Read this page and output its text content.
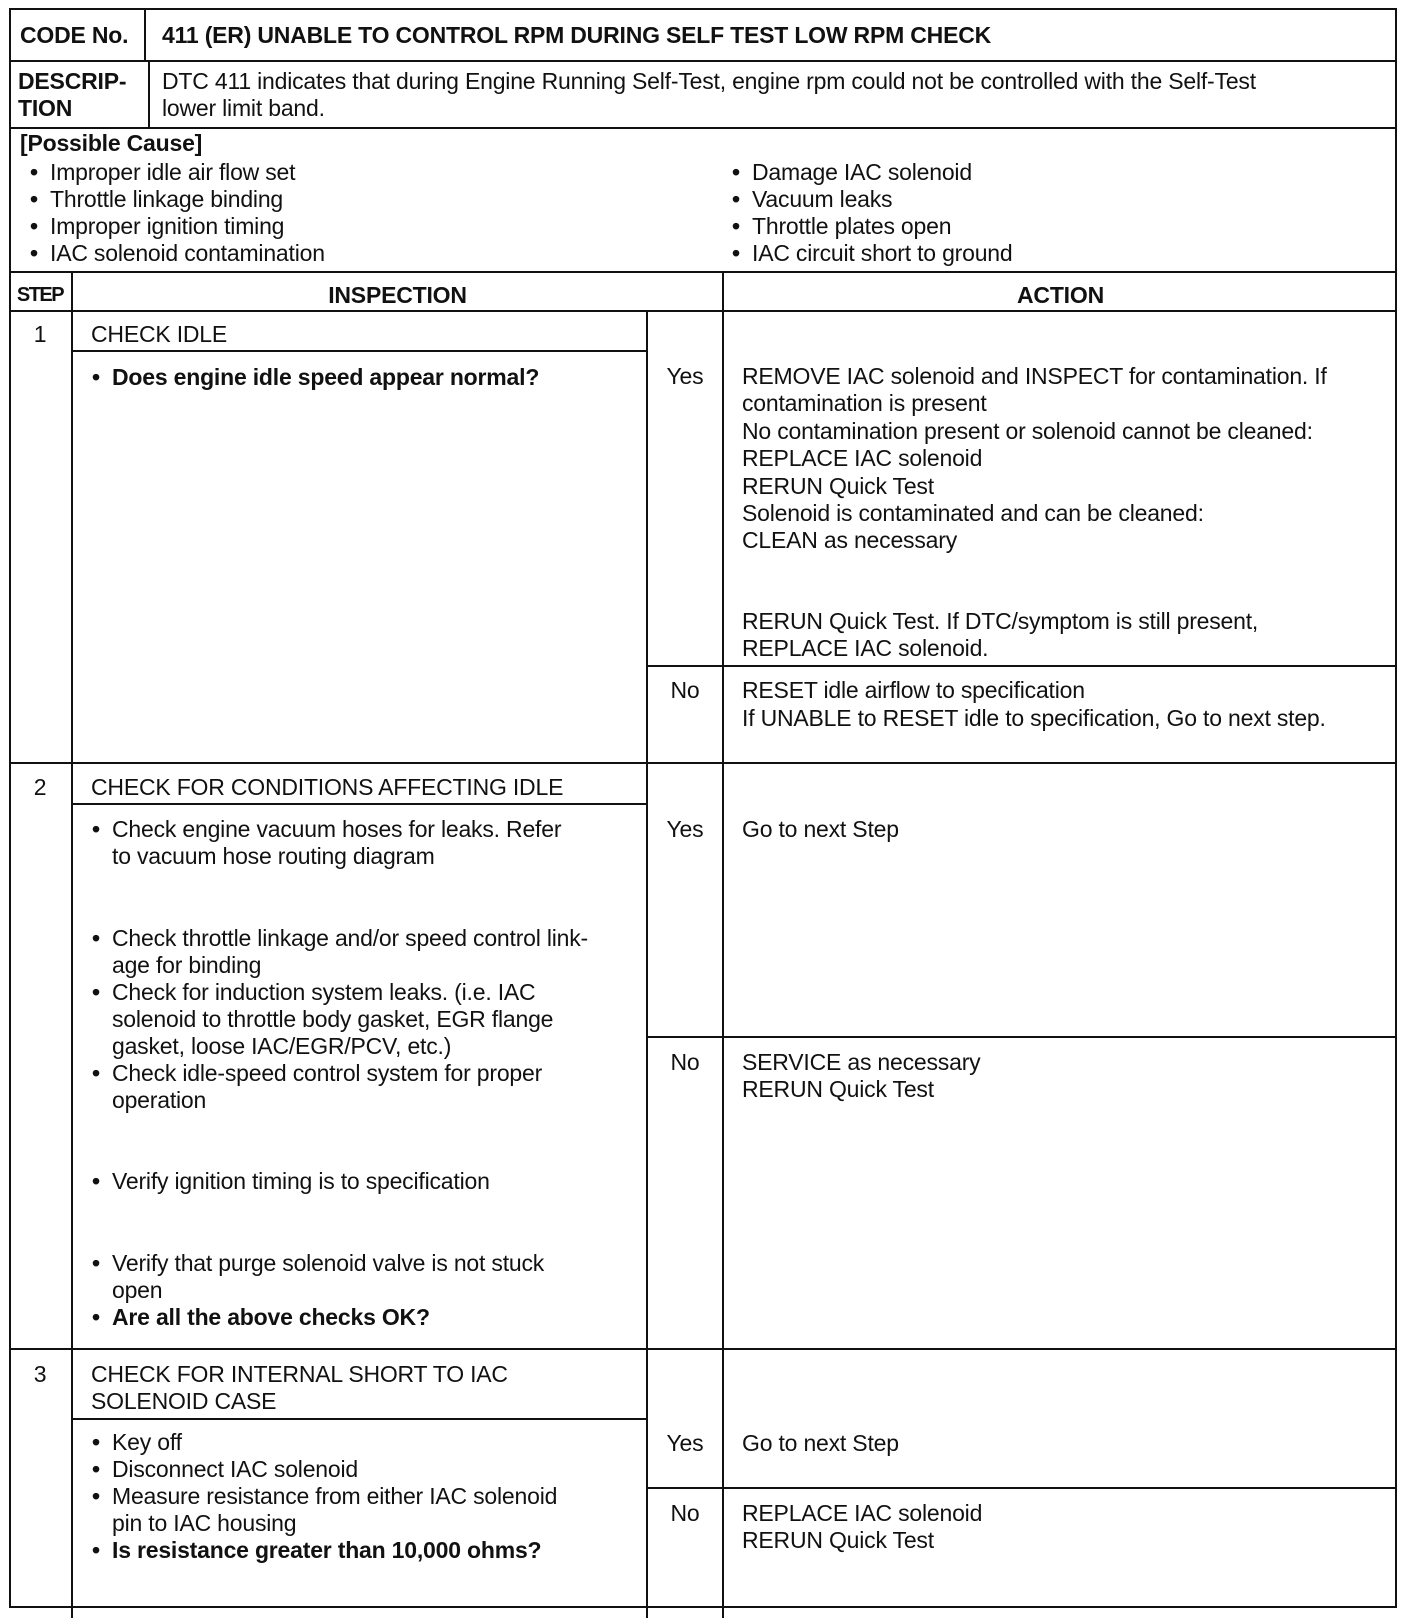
CODE No. 411 (ER) UNABLE TO CONTROL RPM DURING SELF TEST LOW RPM CHECK
DESCRIP-
TION
DTC 411 indicates that during Engine Running Self-Test, engine rpm could not be controlled with the Self-Test
lower limit band.
[Possible Cause]
• Improper idle air flow set
• Throttle linkage binding
• Improper ignition timing
• IAC solenoid contamination
• Damage IAC solenoid
• Vacuum leaks
• Throttle plates open
• IAC circuit short to ground
STEP	INSPECTION	ACTION
1	CHECK IDLE
• Does engine idle speed appear normal?	Yes	REMOVE IAC solenoid and INSPECT for contamination. If
contamination is present
No contamination present or solenoid cannot be cleaned:
REPLACE IAC solenoid
RERUN Quick Test
Solenoid is contaminated and can be cleaned:
CLEAN as necessary
RERUN Quick Test. If DTC/symptom is still present,
REPLACE IAC solenoid.
No	RESET idle airflow to specification
If UNABLE to RESET idle to specification, Go to next step.
2	CHECK FOR CONDITIONS AFFECTING IDLE
• Check engine vacuum hoses for leaks. Refer
to vacuum hose routing diagram
• Check throttle linkage and/or speed control link-
age for binding
• Check for induction system leaks. (i.e. IAC
solenoid to throttle body gasket, EGR flange
gasket, loose IAC/EGR/PCV, etc.)
• Check idle-speed control system for proper
operation
• Verify ignition timing is to specification
• Verify that purge solenoid valve is not stuck
open
• Are all the above checks OK?
Yes	Go to next Step
No	SERVICE as necessary
RERUN Quick Test
3	CHECK FOR INTERNAL SHORT TO IAC
SOLENOID CASE
• Key off
• Disconnect IAC solenoid
• Measure resistance from either IAC solenoid
pin to IAC housing
• Is resistance greater than 10,000 ohms?
Yes	Go to next Step
No	REPLACE IAC solenoid
RERUN Quick Test
